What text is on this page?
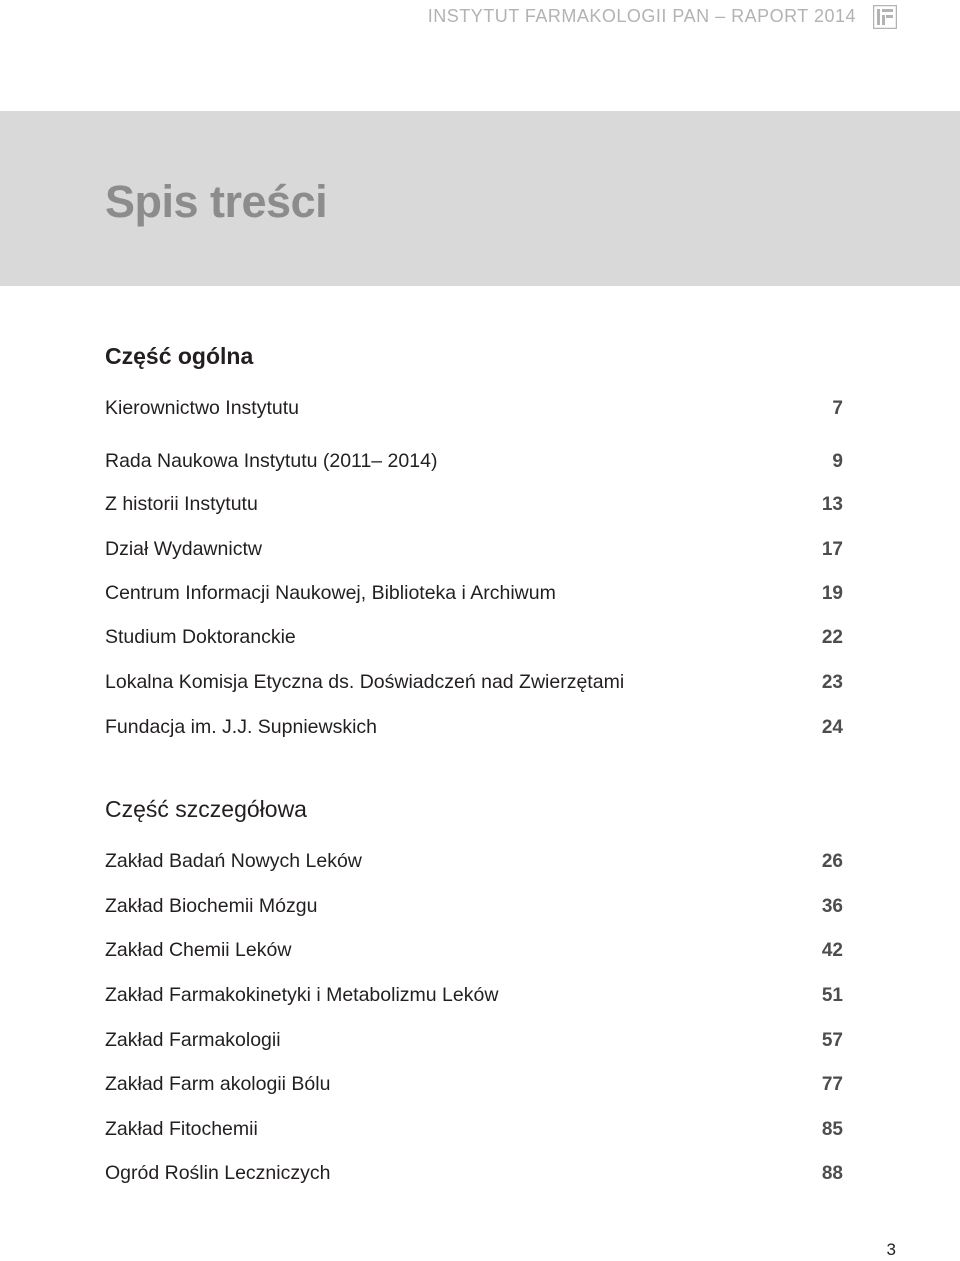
INSTYTUT FARMAKOLOGII PAN – RAPORT 2014
Spis treści
Część ogólna
Kierownictwo Instytutu	7
Rada Naukowa Instytutu (2011– 2014)	9
Z historii Instytutu	13
Dział Wydawnictw	17
Centrum Informacji Naukowej, Biblioteka i Archiwum	19
Studium Doktoranckie	22
Lokalna Komisja Etyczna ds. Doświadczeń nad Zwierzętami	23
Fundacja im. J.J. Supniewskich	24
Część szczegółowa
Zakład Badań Nowych Leków	26
Zakład Biochemii Mózgu	36
Zakład Chemii Leków	42
Zakład Farmakokinetyki i Metabolizmu Leków	51
Zakład Farmakologii	57
Zakład Farm akologii Bólu	77
Zakład Fitochemii	85
Ogród Roślin Leczniczych	88
3
